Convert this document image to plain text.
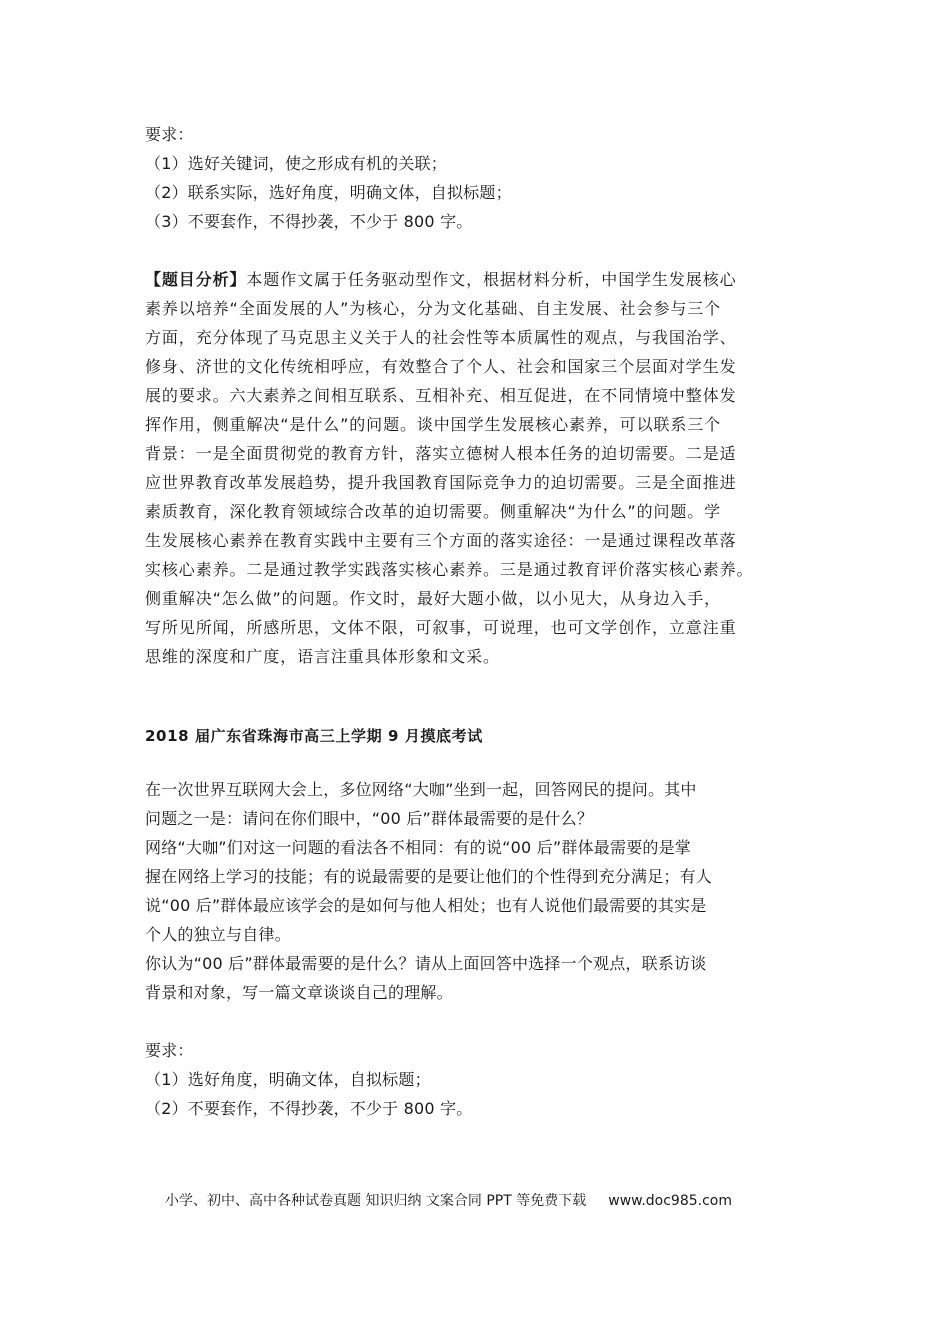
要求：
（1）选好关键词，使之形成有机的关联；
（2）联系实际，选好角度，明确文体，自拟标题；
（3）不要套作，不得抄袭，不少于 800 字。
【题目分析】本题作文属于任务驱动型作文，根据材料分析，中国学生发展核心
素养以培养“全面发展的人”为核心，分为文化基础、自主发展、社会参与三个
方面，充分体现了马克思主义关于人的社会性等本质属性的观点，与我国治学、
修身、济世的文化传统相呼应，有效整合了个人、社会和国家三个层面对学生发
展的要求。六大素养之间相互联系、互相补充、相互促进，在不同情境中整体发
挥作用，侧重解决“是什么”的问题。谈中国学生发展核心素养，可以联系三个
背景：一是全面贯彻党的教育方针，落实立德树人根本任务的迫切需要。二是适
应世界教育改革发展趋势，提升我国教育国际竞争力的迫切需要。三是全面推进
素质教育，深化教育领域综合改革的迫切需要。侧重解决“为什么”的问题。学
生发展核心素养在教育实践中主要有三个方面的落实途径：一是通过课程改革落
实核心素养。二是通过教学实践落实核心素养。三是通过教育评价落实核心素养。
侧重解决“怎么做”的问题。作文时，最好大题小做，以小见大，从身边入手，
写所见所闻，所感所思，文体不限，可叙事，可说理，也可文学创作，立意注重
思维的深度和广度，语言注重具体形象和文采。
2018 届广东省珠海市高三上学期 9 月摸底考试
在一次世界互联网大会上，多位网络“大咖”坐到一起，回答网民的提问。其中
问题之一是：请问在你们眼中，“00 后”群体最需要的是什么？
网络“大咖”们对这一问题的看法各不相同：有的说“00 后”群体最需要的是掌
握在网络上学习的技能；有的说最需要的是要让他们的个性得到充分满足；有人
说“00 后”群体最应该学会的是如何与他人相处；也有人说他们最需要的其实是
个人的独立与自律。
你认为“00 后”群体最需要的是什么？请从上面回答中选择一个观点，联系访谈
背景和对象，写一篇文章谈谈自己的理解。
要求：
（1）选好角度，明确文体，自拟标题；
（2）不要套作，不得抄袭，不少于 800 字。
小学、初中、高中各种试卷真题 知识归纳 文案合同 PPT 等免费下载 www.doc985.com
